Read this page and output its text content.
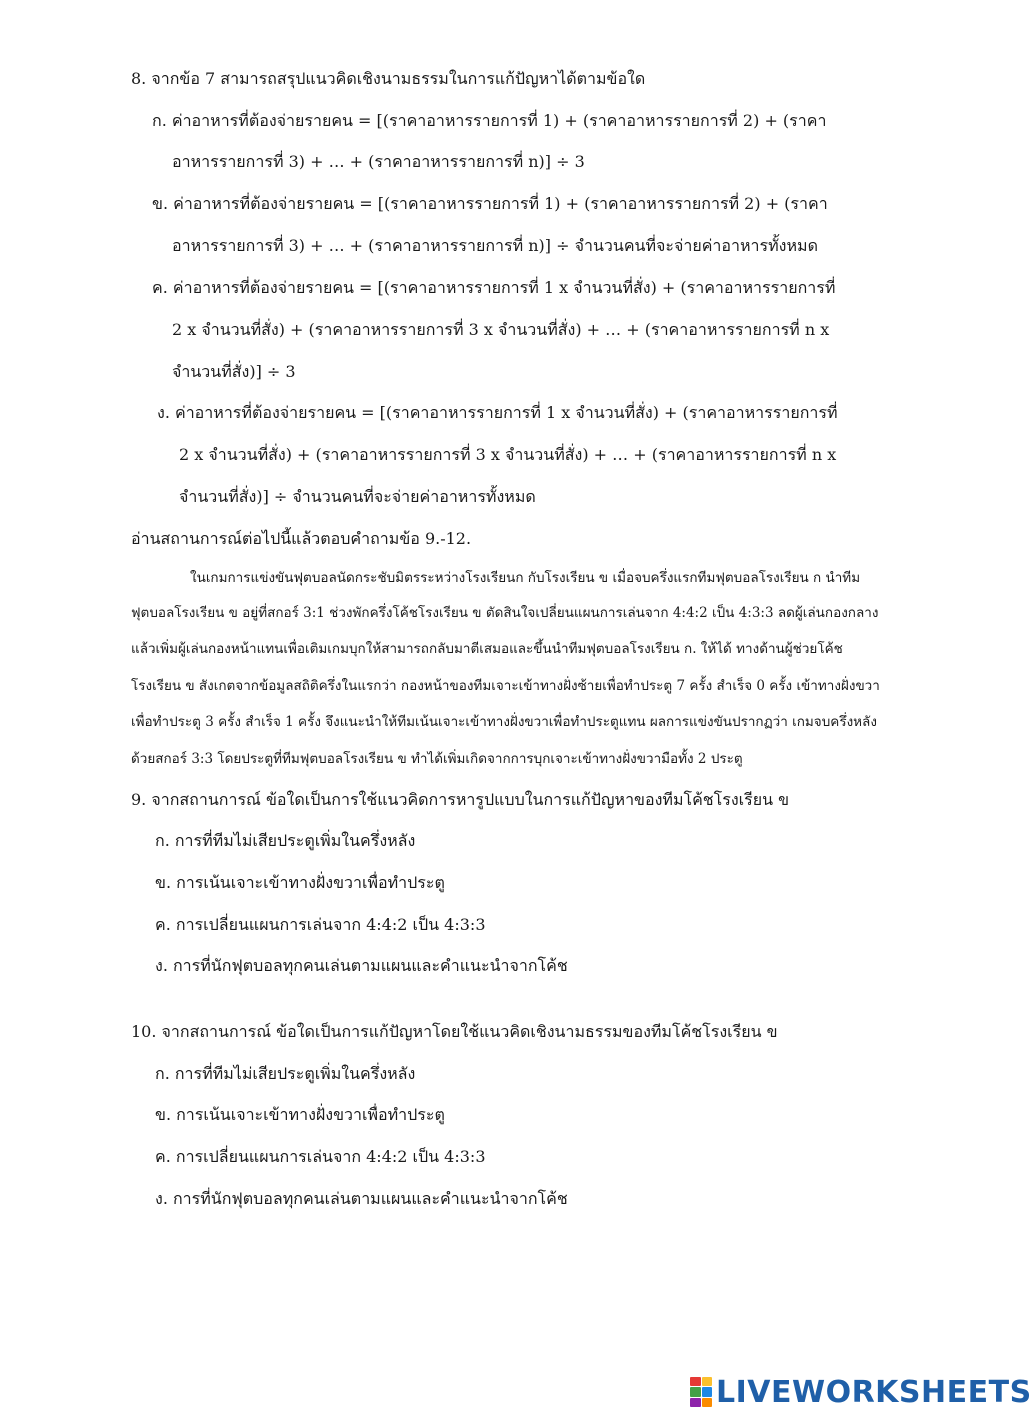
8. จากข้อ 7 สามารถสรุปแนวคิดเชิงนามธรรมในการแก้ปัญหาได้ตามข้อใด
ก. ค่าอาหารที่ต้องจ่ายรายคน = [(ราคาอาหารรายการที่ 1) + (ราคาอาหารรายการที่ 2) + (ราคา
อาหารรายการที่ 3) + … + (ราคาอาหารรายการที่ n)] ÷ 3
ข. ค่าอาหารที่ต้องจ่ายรายคน = [(ราคาอาหารรายการที่ 1) + (ราคาอาหารรายการที่ 2) + (ราคา
อาหารรายการที่ 3) + … + (ราคาอาหารรายการที่ n)] ÷ จำนวนคนที่จะจ่ายค่าอาหารทั้งหมด
ค. ค่าอาหารที่ต้องจ่ายรายคน = [(ราคาอาหารรายการที่ 1 x จำนวนที่สั่ง) + (ราคาอาหารรายการที่
2 x จำนวนที่สั่ง) + (ราคาอาหารรายการที่ 3 x จำนวนที่สั่ง) + … + (ราคาอาหารรายการที่ n x
จำนวนที่สั่ง)] ÷ 3
ง. ค่าอาหารที่ต้องจ่ายรายคน = [(ราคาอาหารรายการที่ 1 x จำนวนที่สั่ง) + (ราคาอาหารรายการที่
2 x จำนวนที่สั่ง) + (ราคาอาหารรายการที่ 3 x จำนวนที่สั่ง) + … + (ราคาอาหารรายการที่ n x
จำนวนที่สั่ง)] ÷ จำนวนคนที่จะจ่ายค่าอาหารทั้งหมด
อ่านสถานการณ์ต่อไปนี้แล้วตอบคำถามข้อ 9.-12.
ในเกมการแข่งขันฟุตบอลนัดกระชับมิตรระหว่างโรงเรียนก กับโรงเรียน ข เมื่อจบครึ่งแรกทีมฟุตบอลโรงเรียน ก นำทีม
ฟุตบอลโรงเรียน ข อยู่ที่สกอร์ 3:1 ช่วงพักครึ่งโค้ชโรงเรียน ข ตัดสินใจเปลี่ยนแผนการเล่นจาก 4:4:2 เป็น 4:3:3 ลดผู้เล่นกองกลาง
แล้วเพิ่มผู้เล่นกองหน้าแทนเพื่อเติมเกมบุกให้สามารถกลับมาตีเสมอและขึ้นนำทีมฟุตบอลโรงเรียน ก. ให้ได้ ทางด้านผู้ช่วยโค้ช
โรงเรียน ข สังเกตจากข้อมูลสถิติครึ่งในแรกว่า กองหน้าของทีมเจาะเข้าทางฝั่งซ้ายเพื่อทำประตู 7 ครั้ง สำเร็จ 0 ครั้ง เข้าทางฝั่งขวา
เพื่อทำประตู 3 ครั้ง สำเร็จ 1 ครั้ง จึงแนะนำให้ทีมเน้นเจาะเข้าทางฝั่งขวาเพื่อทำประตูแทน ผลการแข่งขันปรากฏว่า เกมจบครึ่งหลัง
ด้วยสกอร์ 3:3 โดยประตูที่ทีมฟุตบอลโรงเรียน ข ทำได้เพิ่มเกิดจากการบุกเจาะเข้าทางฝั่งขวามือทั้ง 2 ประตู
9. จากสถานการณ์ ข้อใดเป็นการใช้แนวคิดการหารูปแบบในการแก้ปัญหาของทีมโค้ชโรงเรียน ข
ก. การที่ทีมไม่เสียประตูเพิ่มในครึ่งหลัง
ข. การเน้นเจาะเข้าทางฝั่งขวาเพื่อทำประตู
ค. การเปลี่ยนแผนการเล่นจาก 4:4:2 เป็น 4:3:3
ง. การที่นักฟุตบอลทุกคนเล่นตามแผนและคำแนะนำจากโค้ช
10. จากสถานการณ์ ข้อใดเป็นการแก้ปัญหาโดยใช้แนวคิดเชิงนามธรรมของทีมโค้ชโรงเรียน ข
ก. การที่ทีมไม่เสียประตูเพิ่มในครึ่งหลัง
ข. การเน้นเจาะเข้าทางฝั่งขวาเพื่อทำประตู
ค. การเปลี่ยนแผนการเล่นจาก 4:4:2 เป็น 4:3:3
ง. การที่นักฟุตบอลทุกคนเล่นตามแผนและคำแนะนำจากโค้ช
LIVEWORKSHEETS
